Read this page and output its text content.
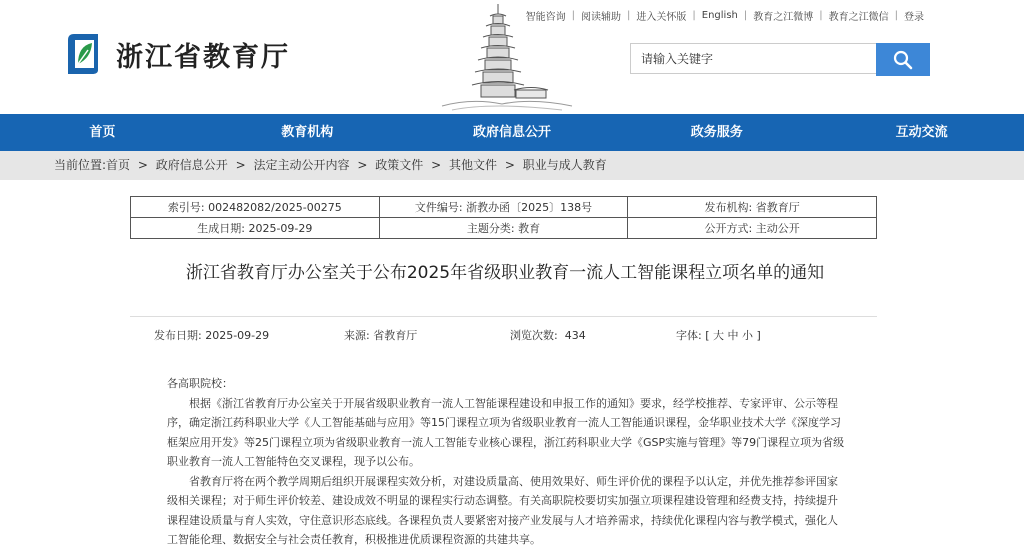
浙江省教育厅
智能咨询 | 阅读辅助 | 进入关怀版 | English | 教育之江微博 | 教育之江微信 | 登录
请输入关键字
首页	教育机构	政府信息公开	政务服务	互动交流
当前位置:首页 > 政府信息公开 > 法定主动公开内容 > 政策文件 > 其他文件 > 职业与成人教育
索引号: 002482082/2025-00275	文件编号: 浙教办函〔2025〕138号	发布机构: 省教育厅
生成日期: 2025-09-29	主题分类: 教育	公开方式: 主动公开
浙江省教育厅办公室关于公布2025年省级职业教育一流人工智能课程立项名单的通知
发布日期: 2025-09-29	来源: 省教育厅	浏览次数: 434	字体: [ 大 中 小 ]

各高职院校：

根据《浙江省教育厅办公室关于开展省级职业教育一流人工智能课程建设和申报工作的通知》要求，经学校推荐、专家评审、公示等程序，确定浙江药科职业大学《人工智能基础与应用》等15门课程立项为省级职业教育一流人工智能通识课程，金华职业技术大学《深度学习框架应用开发》等25门课程立项为省级职业教育一流人工智能专业核心课程，浙江药科职业大学《GSP实施与管理》等79门课程立项为省级职业教育一流人工智能特色交叉课程，现予以公布。

省教育厅将在两个教学周期后组织开展课程实效分析，对建设质量高、使用效果好、师生评价优的课程予以认定，并优先推荐参评国家级相关课程；对于师生评价较差、建设成效不明显的课程实行动态调整。有关高职院校要切实加强立项课程建设管理和经费支持，持续提升课程建设质量与育人实效，守住意识形态底线。各课程负责人要紧密对接产业发展与人才培养需求，持续优化课程内容与教学模式，强化人工智能伦理、数据安全与社会责任教育，积极推进优质课程资源的共建共享。
